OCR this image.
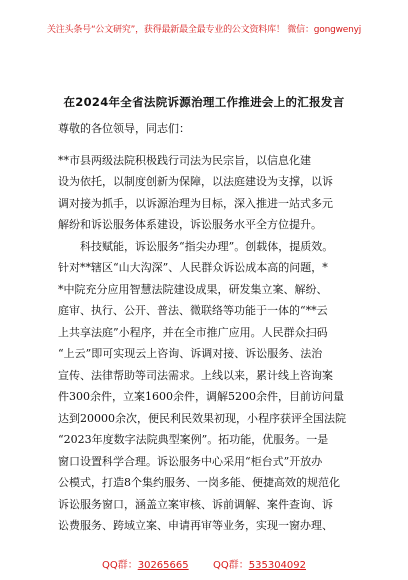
关注头条号“公文研究”，获得最新最全最专业的公文资料库！ 微信：gongwenyj
在2024年全省法院诉源治理工作推进会上的汇报发言
尊敬的各位领导，同志们：
**市县两级法院积极践行司法为民宗旨，以信息化建
设为依托，以制度创新为保障，以法庭建设为支撑，以诉
调对接为抓手，以诉源治理为目标，深入推进一站式多元
解纷和诉讼服务体系建设，诉讼服务水平全方位提升。
　　科技赋能，诉讼服务“指尖办理”。创载体，提质效。
针对**辖区“山大沟深”、人民群众诉讼成本高的问题，*
*中院充分应用智慧法院建设成果，研发集立案、解纷、
庭审、执行、公开、普法、微联络等功能于一体的“**云
上共享法庭”小程序，并在全市推广应用。人民群众扫码
“上云”即可实现云上咨询、诉调对接、诉讼服务、法治
宣传、法律帮助等司法需求。上线以来，累计线上咨询案
件300余件，立案1600余件，调解5200余件，目前访问量
达到20000余次，便民利民效果初现，小程序获评全国法院
“2023年度数字法院典型案例”。拓功能，优服务。一是
窗口设置科学合理。诉讼服务中心采用“柜台式”开放办
公模式，打造8个集约服务、一岗多能、便捷高效的规范化
诉讼服务窗口，涵盖立案审核、诉前调解、案件查询、诉
讼费服务、跨域立案、申请再审等业务，实现一窗办理、
QQ群：30265665 QQ群：535304092
